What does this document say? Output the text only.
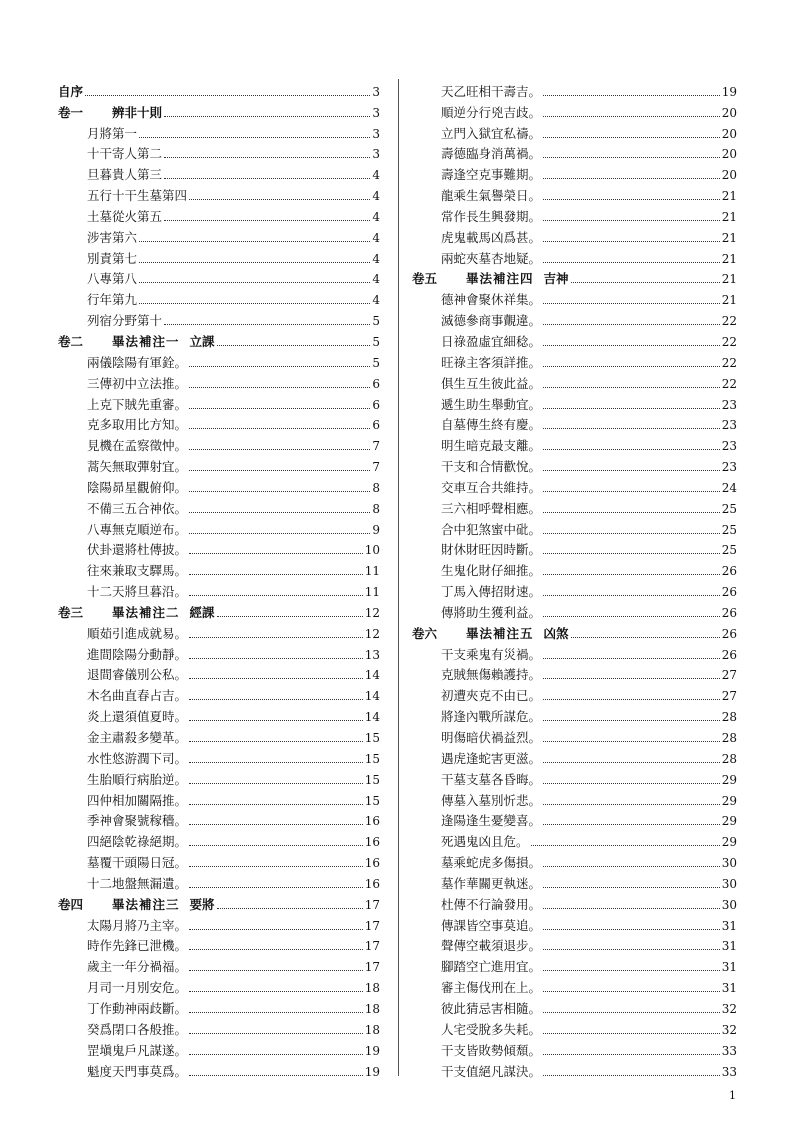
自序	3
卷一 辨非十則	3
月將第一	3
十干寄人第二	3
旦暮貴人第三	4
五行十干生墓第四	4
土墓從火第五	4
涉害第六	4
別責第七	4
八專第八	4
行年第九	4
列宿分野第十	5
卷二 畢法補注一 立課	5
兩儀陰陽有軍銓。	5
三傳初中立法推。	6
上克下賊先重審。	6
克多取用比方知。	6
見機在孟察徵忡。	7
蒿矢無取彈射宜。	7
陰陽昴星觀俯仰。	8
不備三五合神依。	8
八專無克順逆布。	9
伏卦還將杜傳披。	10
往來兼取支驛馬。	11
十二天將旦暮沿。	11
卷三 畢法補注二 經課	12
順茹引進成就易。	12
進間陰陽分動靜。	13
退間睿儀別公私。	14
木名曲直春占吉。	14
炎上還須值夏時。	14
金主肅殺多變革。	15
水性悠游潤下司。	15
生胎順行病胎逆。	15
四仲相加關隔推。	15
季神會聚號稼穡。	16
四絕陰乾祿絕期。	16
墓覆干頭陽日冠。	16
十二地盤無漏遺。	16
卷四 畢法補注三 要將	17
太陽月將乃主宰。	17
時作先鋒已泄機。	17
歲主一年分禍福。	17
月司一月別安危。	18
丁作動神兩歧斷。	18
癸爲閉口各般推。	18
罡塡鬼戶凡謀遂。	19
魁度天門事莫爲。	19
天乙旺相干壽吉。	19
順逆分行兇吉歧。	20
立門入獄宜私禱。	20
壽德臨身消萬禍。	20
壽逢空克事難期。	20
龍乘生氣譽榮日。	21
常作長生興發期。	21
虎鬼載馬凶爲甚。	21
兩蛇夾墓杏地疑。	21
卷五 畢法補注四 吉神	21
德神會聚休祥集。	21
滅德參商事覿違。	22
日祿盈虛宜細稔。	22
旺祿主客須詳推。	22
俱生互生彼此益。	22
遞生助生舉動宜。	23
自墓傳生終有慶。	23
明生暗克最支離。	23
干支和合情歡悅。	23
交車互合共維持。	24
三六相呼聲相應。	25
合中犯煞蜜中砒。	25
財休財旺因時斷。	25
生鬼化財仔細推。	26
丁馬入傳招財速。	26
傳將助生獲利益。	26
卷六 畢法補注五 凶煞	26
干支乘鬼有災禍。	26
克賊無傷賴護持。	27
初遭夾克不由已。	27
將逢內戰所謀危。	28
明傷暗伏禍益烈。	28
遇虎逢蛇害更滋。	28
干墓支墓各昏晦。	29
傳墓入墓別忻悲。	29
逢陽逢生憂變喜。	29
死遇鬼凶且危。	29
墓乘蛇虎多傷損。	30
墓作華關更執迷。	30
杜傳不行論發用。	30
傳課皆空事莫追。	31
聲傳空載須退步。	31
腳踏空亡進用宜。	31
審主傷伐刑在上。	31
彼此猜忌害相隨。	32
人宅受脫多失耗。	32
干支皆敗勢傾頹。	33
干支值絕凡謀決。	33
1
